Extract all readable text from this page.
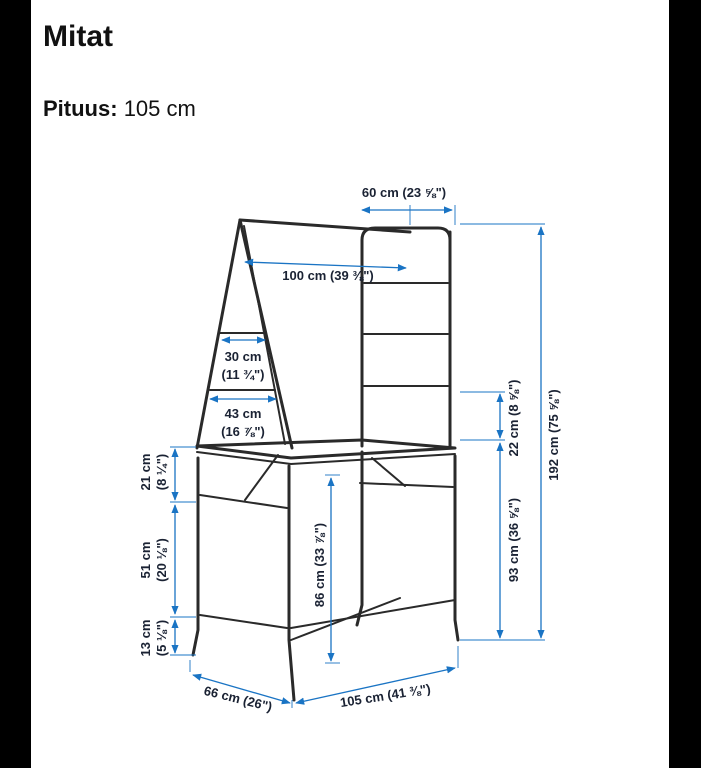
Mitat
Pituus: 105 cm
60 cm (23 ⅝")
100 cm (39 ⅜")
30 cm
(11 ¾")
43 cm
(16 ⅞")
21 cm (8 ¼")
51 cm (20 ⅛")
13 cm (5 ⅛")
86 cm (33 ⅞")
22 cm (8 ⅝")
93 cm (36 ⅝")
192 cm (75 ⅝")
66 cm (26")	105 cm (41 ⅜")
